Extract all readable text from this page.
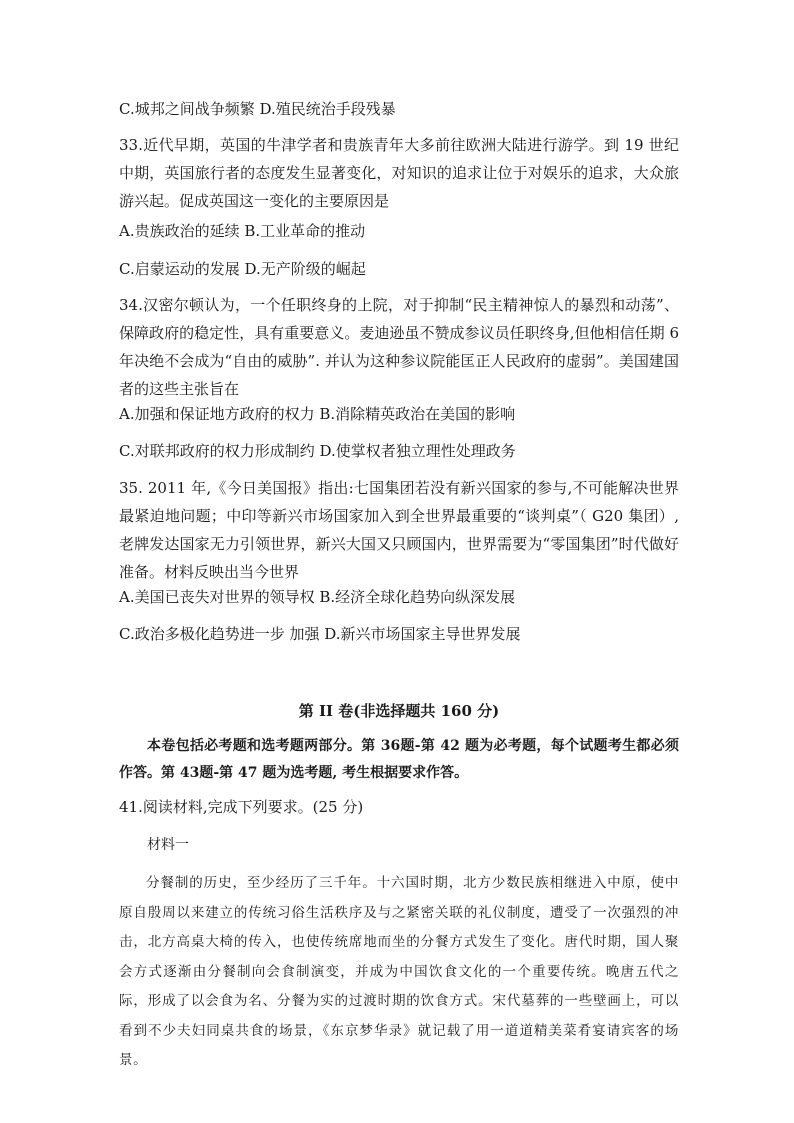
C.城邦之间战争频繁 D.殖民统治手段残暴

33.近代早期，英国的牛津学者和贵族青年大多前往欧洲大陆进行游学。到 19 世纪中期，英国旅行者的态度发生显著变化，对知识的追求让位于对娱乐的追求，大众旅游兴起。促成英国这一变化的主要原因是

A.贵族政治的延续 B.工业革命的推动

C.启蒙运动的发展 D.无产阶级的崛起

34.汉密尔顿认为，一个任职终身的上院，对于抑制“民主精神惊人的暴烈和动荡”、保障政府的稳定性，具有重要意义。麦迪逊虽不赞成参议员任职终身,但他相信任期 6 年决绝不会成为“自由的威胁”. 并认为这种参议院能匡正人民政府的虚弱”。美国建国者的这些主张旨在

A.加强和保证地方政府的权力 B.消除精英政治在美国的影响

C.对联邦政府的权力形成制约 D.使掌权者独立理性处理政务

35. 2011 年,《今日美国报》指出:七国集团若没有新兴国家的参与,不可能解决世界最紧迫地问题；中印等新兴市场国家加入到全世界最重要的“谈判桌”（ G20 集团）,老牌发达国家无力引领世界，新兴大国又只顾国内，世界需要为“零国集团”时代做好准备。材料反映出当今世界

A.美国已丧失对世界的领导权 B.经济全球化趋势向纵深发展

C.政治多极化趋势进一步 加强 D.新兴市场国家主导世界发展

第 II 卷(非选择题共 160 分)

本卷包括必考题和选考题两部分。第 36题-第 42 题为必考题，每个试题考生都必须作答。第 43题-第 47 题为选考题, 考生根据要求作答。

41.阅读材料,完成下列要求。(25 分)

材料一

分餐制的历史，至少经历了三千年。十六国时期，北方少数民族相继进入中原，使中原自殷周以来建立的传统习俗生活秩序及与之紧密关联的礼仪制度，遭受了一次强烈的冲击，北方高桌大椅的传入，也使传统席地而坐的分餐方式发生了变化。唐代时期，国人聚会方式逐渐由分餐制向会食制演变，并成为中国饮食文化的一个重要传统。晚唐五代之际，形成了以会食为名、分餐为实的过渡时期的饮食方式。宋代墓葬的一些壁画上，可以看到不少夫妇同桌共食的场景，《东京梦华录》就记载了用一道道精美菜肴宴请宾客的场景。
